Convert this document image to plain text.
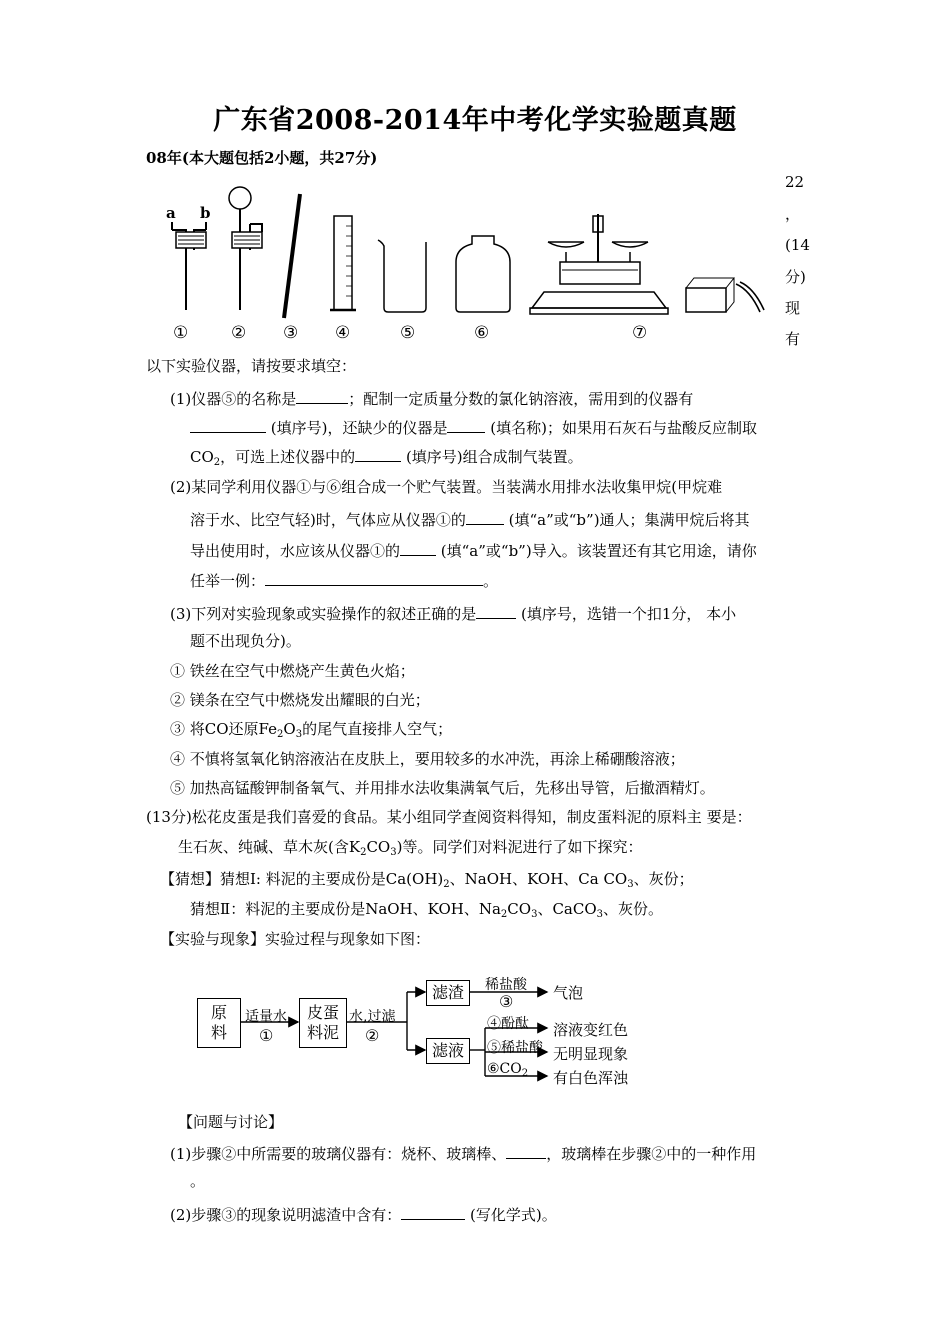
广东省2008-2014年中考化学实验题真题
08年(本大题包括2小题，共27分)
22
，
(14
分)
现
有
a b
①	② ③ ④	⑤	⑥	⑦
以下实验仪器，请按要求填空：
(1)仪器⑤的名称是	；配制一定质量分数的氯化钠溶液，需用到的仪器有
(填序号)，还缺少的仪器是	(填名称)；如果用石灰石与盐酸反应制取
$CO_2$，可选上述仪器中的	(填序号)组合成制气装置。
(2)某同学利用仪器①与⑥组合成一个贮气装置。当装满水用排水法收集甲烷(甲烷难
溶于水、比空气轻)时，气体应从仪器①的	(填“a”或“b”)通人；集满甲烷后将其
导出使用时，水应该从仪器①的 (填“a”或“b”)导入。该装置还有其它用途，请你
任举一例：	。
(3)下列对实验现象或实验操作的叙述正确的是	(填序号，选错一个扣1分， 本小
题不出现负分)。
① 铁丝在空气中燃烧产生黄色火焰；
② 镁条在空气中燃烧发出耀眼的白光；
③ 将CO还原$Fe_2O_3$的尾气直接排人空气；
④ 不慎将氢氧化钠溶液沾在皮肤上，要用较多的水冲洗，再涂上稀硼酸溶液；
⑤ 加热高锰酸钾制备氧气、并用排水法收集满氧气后，先移出导管，后撤酒精灯。
(13分)松花皮蛋是我们喜爱的食品。某小组同学查阅资料得知，制皮蛋料泥的原料主 要是：
生石灰、纯碱、草木灰(含$K_2CO_3$)等。同学们对料泥进行了如下探究：
【猜想】猜想Ⅰ: 料泥的主要成份是$Ca(OH)_2$、NaOH、KOH、Ca $CO_3$、灰份；
猜想Ⅱ：料泥的主要成份是NaOH、KOH、$Na_2CO_3$、CaCO$_3$、灰份。
【实验与现象】实验过程与现象如下图：
原
料
皮蛋
料泥
滤渣
滤液
适量水
①
水,过滤
②
稀盐酸
③	气泡
④酚酞 溶液变红色
⑤稀盐酸 无明显现象
$⑥CO_2$ 有白色浑浊
【问题与讨论】
(1)步骤②中所需要的玻璃仪器有：烧杯、玻璃棒、	，玻璃棒在步骤②中的一种作用
。
(2)步骤③的现象说明滤渣中含有：	(写化学式)。
